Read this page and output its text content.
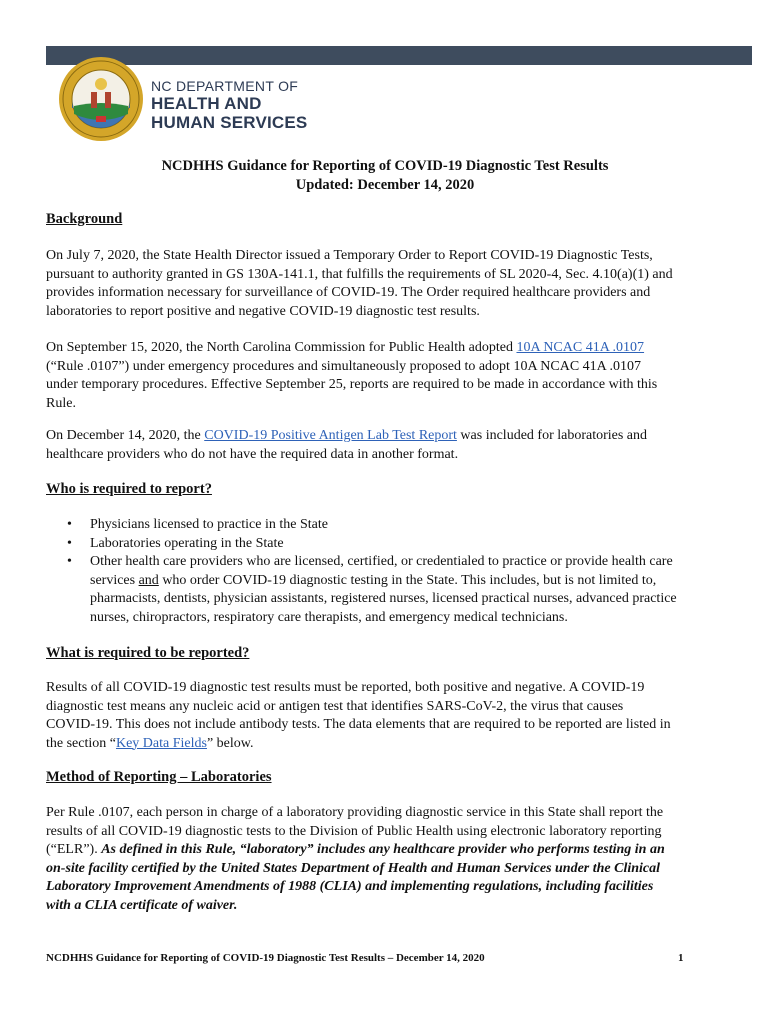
NC DEPARTMENT OF
HEALTH AND
HUMAN SERVICES
NCDHHS Guidance for Reporting of COVID-19 Diagnostic Test Results
Updated: December 14, 2020
Background
On July 7, 2020, the State Health Director issued a Temporary Order to Report COVID-19 Diagnostic Tests,
pursuant to authority granted in GS 130A-141.1, that fulfills the requirements of SL 2020-4, Sec. 4.10(a)(1) and
provides information necessary for surveillance of COVID-19. The Order required healthcare providers and
laboratories to report positive and negative COVID-19 diagnostic test results.
On September 15, 2020, the North Carolina Commission for Public Health adopted 10A NCAC 41A .0107
(“Rule .0107”) under emergency procedures and simultaneously proposed to adopt 10A NCAC 41A .0107
under temporary procedures. Effective September 25, reports are required to be made in accordance with this
Rule.
On December 14, 2020, the COVID-19 Positive Antigen Lab Test Report was included for laboratories and
healthcare providers who do not have the required data in another format.
Who is required to report?
• Physicians licensed to practice in the State
• Laboratories operating in the State
• Other health care providers who are licensed, certified, or credentialed to practice or provide health care
services and who order COVID-19 diagnostic testing in the State. This includes, but is not limited to,
pharmacists, dentists, physician assistants, registered nurses, licensed practical nurses, advanced practice
nurses, chiropractors, respiratory care therapists, and emergency medical technicians.
What is required to be reported?
Results of all COVID-19 diagnostic test results must be reported, both positive and negative. A COVID-19
diagnostic test means any nucleic acid or antigen test that identifies SARS-CoV-2, the virus that causes
COVID-19. This does not include antibody tests. The data elements that are required to be reported are listed in
the section “Key Data Fields” below.
Method of Reporting – Laboratories
Per Rule .0107, each person in charge of a laboratory providing diagnostic service in this State shall report the
results of all COVID-19 diagnostic tests to the Division of Public Health using electronic laboratory reporting
(“ELR”). As defined in this Rule, “laboratory” includes any healthcare provider who performs testing in an
on-site facility certified by the United States Department of Health and Human Services under the Clinical
Laboratory Improvement Amendments of 1988 (CLIA) and implementing regulations, including facilities
with a CLIA certificate of waiver.
NCDHHS Guidance for Reporting of COVID-19 Diagnostic Test Results – December 14, 2020	1
